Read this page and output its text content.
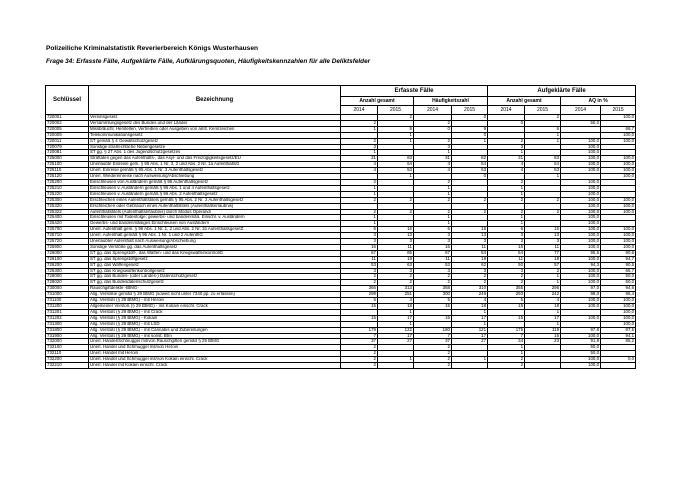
Polizeiliche Kriminalstatistik Reverierbereich Königs Wusterhausen
Frage 34: Erfasste Fälle, Aufgeklärte Fälle, Aufklärungsquoten, Häufigkeitskennzahlen für alle Deliktsfelder
Schlüssel	Bezeichnung	Erfasste Fälle				Aufgeklärte Fälle			
		Anzahl gesamt		Häufigkeitszahl		Anzahl gesamt		AQ in %	
		2014	2015	2014	2015	2014	2015	2014	2015
720001	Vereinsgesetz		2		0		2		100,0
720002	Versammlungsgesetz des Bundes und der Länder	2		2		0		50,0	
720005	Missbräuchl. Herstellen, Vertreiben oder Ausgeben von amtl. Kennzeichen	1	9	0	9		6		66,7
720009	Telekommunikationsgesetz		1		0		1		100,0
720011	ST gemäß § 4 Gewaltschutzgesetz	2	1	2	1	2	1	100,0	100,0
720079	Sonstige strafrechtliche Nebengesetze	3		3		3		100,0	
720081	ST gg. § 27 Abs. 1 des Jugendschutzgesetzes	1		1		1		100,0	
725000	Straftaten gegen das Aufenthalts-, das Asyl- und das Freizügigkeitsgesetz/EU	31	83	31	82	31	83	100,0	100,0
725100	Unerlaubte Einreise gem. § 95 Abs. 1 Nr. 3, 2 und Abs. 2 Nr. 1a AufenthaltsG	4	54	4	54	4	54	100,0	100,0
725110	Unerl. Einreise gemäß § 95 Abs. 1 Nr. 3 Aufenthaltsgesetz	4	53	4	53	4	53	100,0	100,0
725120	Unerl. Wiedereinreise nach Ausweisung/Abschiebung		1		0		1		100,0
725200	Einschleusen von Ausländern gemäß § 96 Aufenthaltsgesetz	2		2		2		100,0	
725210	Einschleusen v. Ausländern gemäß § 96 Abs. 1 und 4 Aufenthaltsgesetz	1		1		1		100,0	
725220	Einschleusen v. Ausländern gemäß § 96 Abs. 2 Aufenthaltsgesetz	1		1		1		100,0	
725300	Erschleichen eines Aufenthaltstitels gemäß § 95 Abs. 2 Nr. 2 Aufenthaltsgesetz	2	2	2	2	2	2	100,0	100,0
725320	Erschleichen oder Gebrauch eines Aufenthaltstitels (Aufenthaltserlaubnis)							100,0	100,0
725322	Aufenthaltstitels (Aufenthaltserlaubnis) durch Modus Operandi	2	2	2	2	2	2	100,0	100,0
725400	Einschleusen mit Todesfolge; gewerbs- und bandenmäß. Einschl. v. Ausländern	1		1		1		100,0	
725420	Gewerbs- und bandenmäßiges Einschleusen von Ausländern	1		1		1		100,0	
725700	Unerl. Aufenthalt gem. § 95 Abs. 1 Nr. 1, 2 und Abs. 2 Nr. 1b AufenthaltsgesetZ	6	16	6	16	6	16	100,0	100,0
725710	Unerl. Aufenthalt gemäß § 95 Abs. 1 Nr. 1 und 2 AufenthG	3	13	3	13	3	13	100,0	100,0
725720	Unerlaubter Aufenthalt nach Ausweisung/Abschiebung	3	3	3	3	3	3	100,0	100,0
725900	Sonstige Verstöße gg. das Aufenthaltsgesetz	16	11	16	11	16	11	100,0	100,0
726000	ST gg. das Sprengstoff-, das Waffen- und das KriegswaffenkontrollG	67	85	67	84	64	77	95,5	90,6
726100	ST gg. das Sprengstoffgesetz	11	19	11	19	11	18	100,0	94,7
726200	ST gg. das Waffengesetz	53	63	53	62	50	57	94,3	90,5
726300	ST gg. das Kriegswaffenkontrollgesetz	3	3	3	3	3	2	100,0	66,7
728000	ST gg. das Bundes- (oder Landes-) Datenschutzgesetz	2	2	2	2	2	1	100,0	50,0
728020	ST gg. das Bundesdatenschutzgesetz	2	2	2	2	2	1	100,0	50,0
730000	Rauschgiftdelikte -BtMG-	366	313	368	310	355	296	97,0	94,6
731000	Allg. Verstöße gemäß § 29 BtMG (soweit nicht unter 7340 pp. zu erfassen)	299	251	300	249	293	242	98,0	96,4
731100	Allg. Verstoß (§ 29 BtMG) - mit Heroin	5	4	5	4	5	4	100,0	100,0
731200	Allgemeiner Verstoß (§ 29 BtMG) - mit Kokain einschl. Crack	15	18	15	18	15	18	100,0	100,0
731201	Allg. Verstoß (§ 29 BtMG) - mit Crack		1		1		1		100,0
731202	Allg. Verstoß (§ 29 BtMG) - Kokain	15	17	15	17	15	17	100,0	100,0
731300	Allg. Verstoß (§ 29 BtMG) - mit LSD		1		1		1		100,0
731800	Allg. Verstoß (§ 29 BtMG) - mit Cannabis und Zubereitungen	179	122	180	121	175	119	97,8	97,5
731900	Allg. Verstoß (§ 29 BtMG) - mit sonst. Btm	7	17	7	17	7	16	100,0	94,1
732000	Unerl. Handel/Schmuggel mit/von Rauschgiften gemäß § 29 BtMG	37	27	37	27	34	23	91,9	85,2
732100	Unerl. Handel und Schmuggel mit/von Heroin	2		2		1		50,0	
732110	Unerl. Handel mit Heroin	2		2		1		50,0	
732200	Unerl. Handel und Schmuggel mit/von Kokain einschl. Crack	2	1	2	1	2		100,0	0,0
732210	Unerl. Handel mit Kokain einschl. Crack	2		2		2		100,0	
